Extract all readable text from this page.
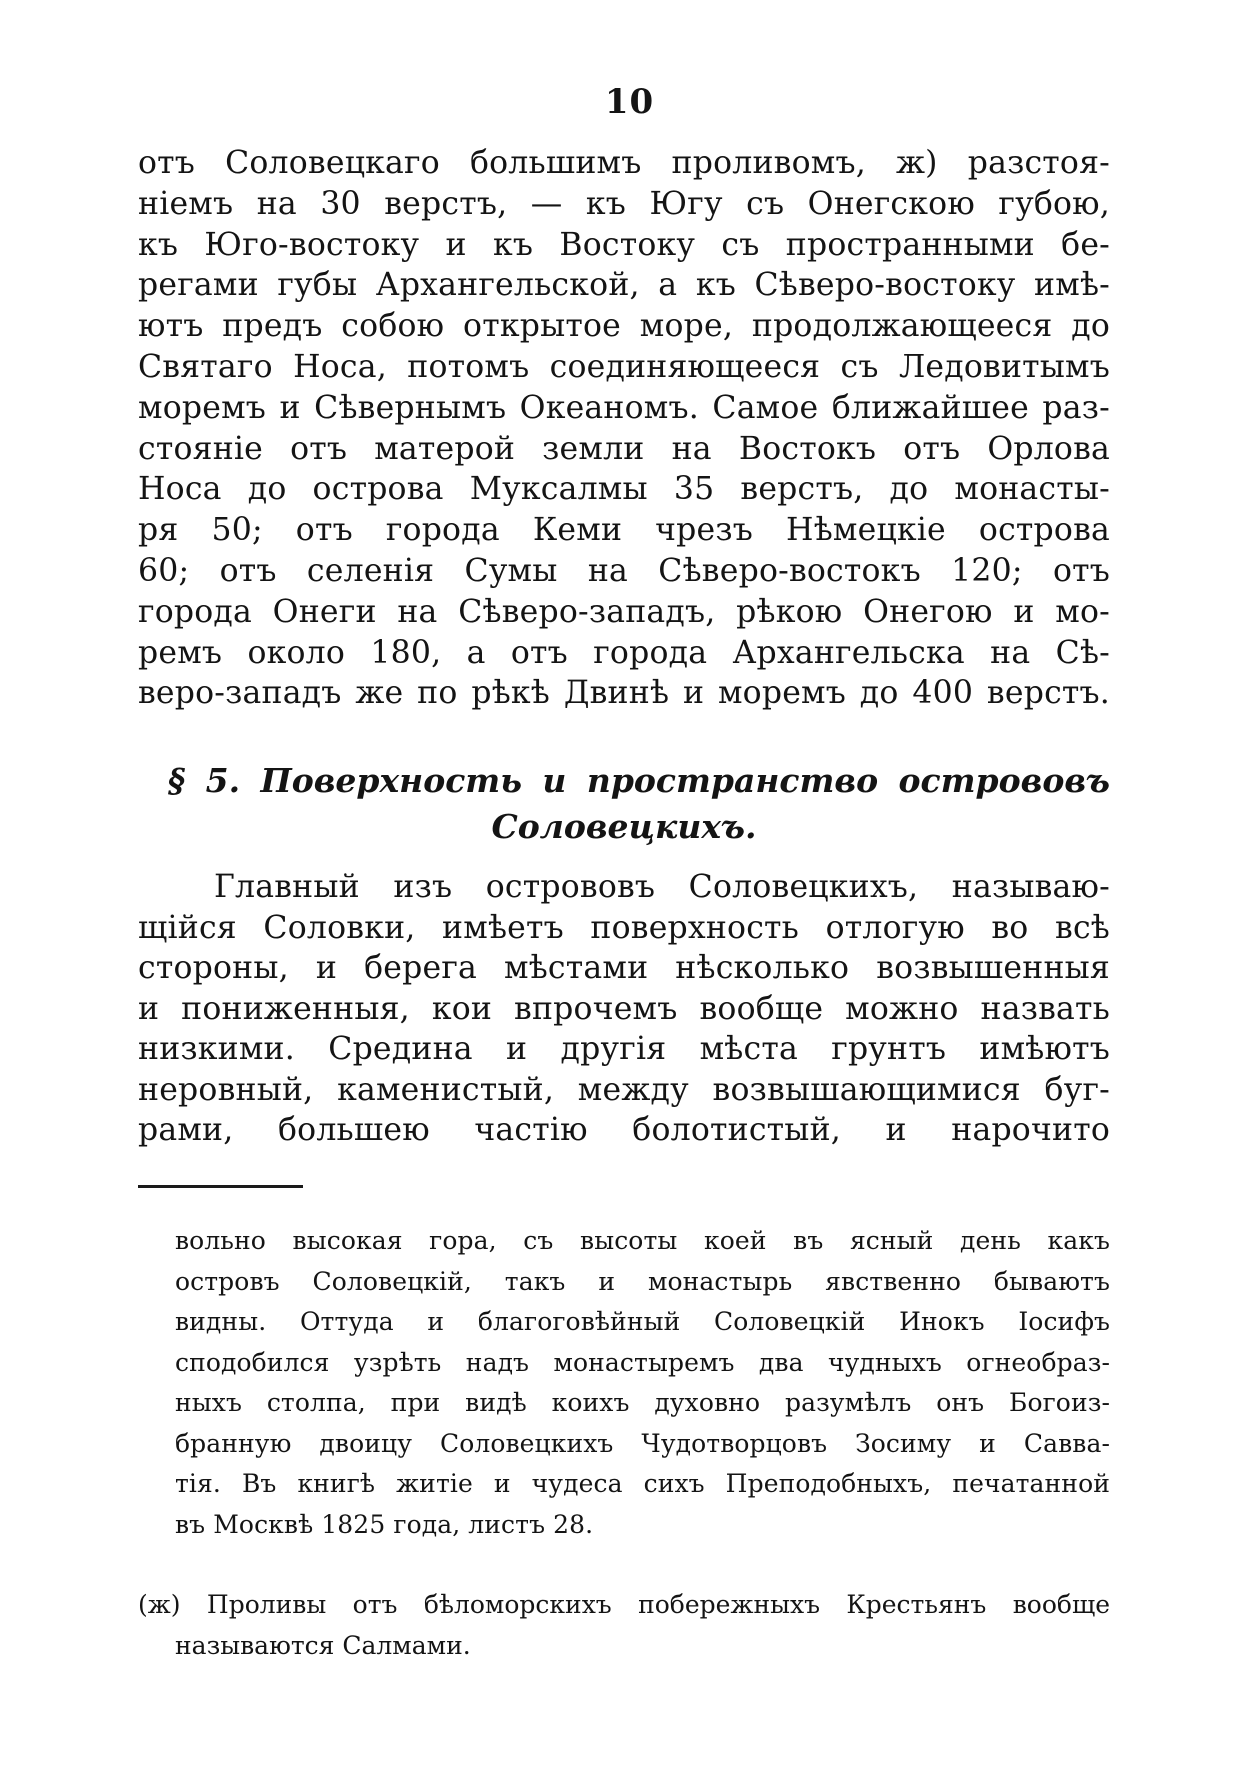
10
отъ Соловецкаго большимъ проливомъ, ж) разстоя-
ніемъ на 30 верстъ, — къ Югу съ Онегскою губою,
къ Юго-востоку и къ Востоку съ пространными бе-
регами губы Архангельской, а къ Сѣверо-востоку имѣ-
ютъ предъ собою открытое море, продолжающееся до
Святаго Носа, потомъ соединяющееся съ Ледовитымъ
моремъ и Сѣвернымъ Океаномъ. Самое ближайшее раз-
стояніе отъ матерой земли на Востокъ отъ Орлова
Носа до острова Муксалмы 35 верстъ, до монасты-
ря 50; отъ города Кеми чрезъ Нѣмецкіе острова
60; отъ селенія Сумы на Сѣверо-востокъ 120; отъ
города Онеги на Сѣверо-западъ, рѣкою Онегою и мо-
ремъ около 180, а отъ города Архангельска на Сѣ-
веро-западъ же по рѣкѣ Двинѣ и моремъ до 400 верстъ.
§ 5. Поверхность и пространство острововъ
Соловецкихъ.
Главный изъ острововъ Соловецкихъ, называю-
щійся Соловки, имѣетъ поверхность отлогую во всѣ
стороны, и берега мѣстами нѣсколько возвышенныя
и пониженныя, кои впрочемъ вообще можно назвать
низкими. Средина и другія мѣста грунтъ имѣютъ
неровный, каменистый, между возвышающимися буг-
рами, большею частію болотистый, и нарочито
вольно высокая гора, съ высоты коей въ ясный день какъ
островъ Соловецкій, такъ и монастырь явственно бываютъ
видны. Оттуда и благоговѣйный Соловецкій Инокъ Іосифъ
сподобился узрѣть надъ монастыремъ два чудныхъ огнеобраз-
ныхъ столпа, при видѣ коихъ духовно разумѣлъ онъ Богоиз-
бранную двоицу Соловецкихъ Чудотворцовъ Зосиму и Савва-
тія. Въ книгѣ житіе и чудеса сихъ Преподобныхъ, печатанной
въ Москвѣ 1825 года, листъ 28.
(ж) Проливы отъ бѣломорскихъ побережныхъ Крестьянъ вообще
называются Салмами.
